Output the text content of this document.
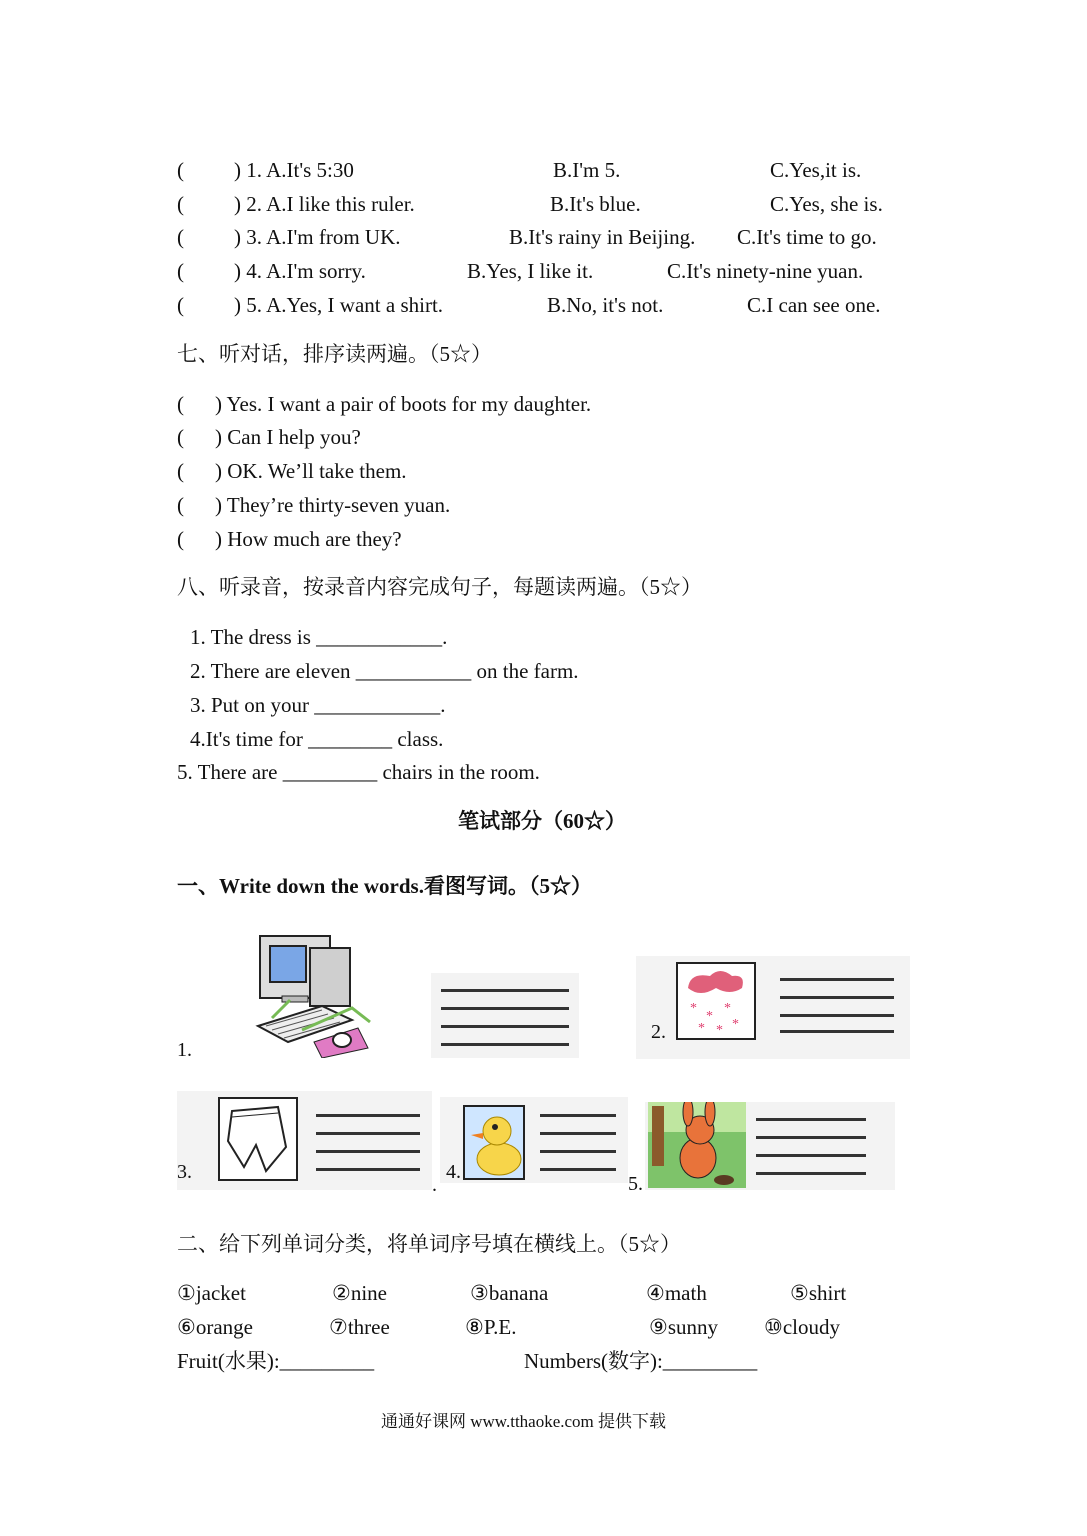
( ) 1. A.It's 5:30	B.I'm 5.	C.Yes,it is.
( ) 2. A.I like this ruler.	B.It's blue.	C.Yes, she is.
( ) 3. A.I'm from UK.	B.It's rainy in Beijing. C.It's time to go.
( ) 4. A.I'm sorry.	B.Yes, I like it.	C.It's ninety-nine yuan.
( ) 5. A.Yes, I want a shirt.	B.No, it's not.	C.I can see one.
七、听对话，排序读两遍。（5☆）
( ) Yes. I want a pair of boots for my daughter.
( ) Can I help you?
( ) OK. We’ll take them.
( ) They’re thirty-seven yuan.
( ) How much are they?
八、听录音，按录音内容完成句子，每题读两遍。（5☆）
1. The dress is ____________.
2. There are eleven ___________ on the farm.
3. Put on your ____________.
4.It's time for ________ class.
5. There are _________ chairs in the room.
笔试部分（60☆）
一、Write down the words.看图写词。（5☆）
1.
*
*
*
* * *
2.
3.
.
4.
5.
二、给下列单词分类，将单词序号填在横线上。（5☆）
①jacket	②nine	③banana	④math	⑤shirt
⑥orange	⑦three	⑧P.E.	⑨sunny ⑩cloudy
Fruit(水果):_________	Numbers(数字):_________
通通好课网 www.tthaoke.com 提供下载
